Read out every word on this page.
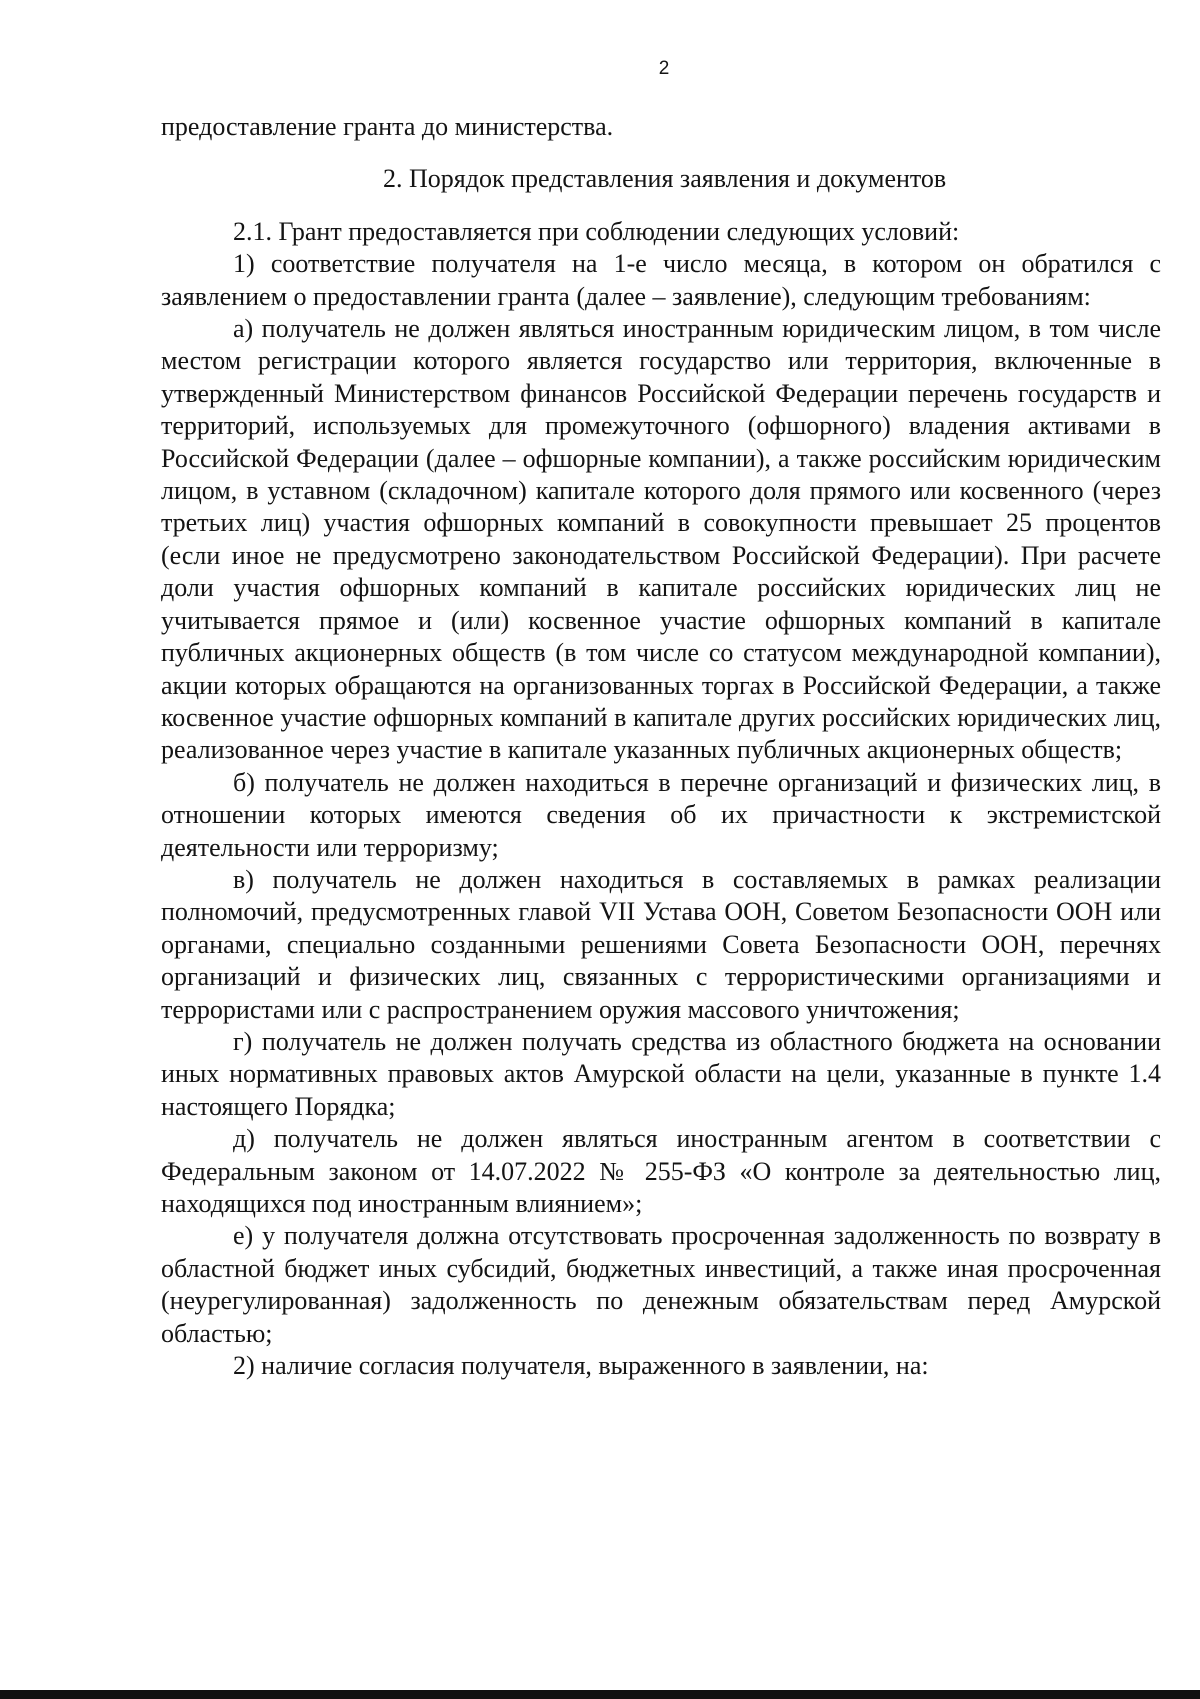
2

предоставление гранта до министерства.

2. Порядок представления заявления и документов

2.1. Грант предоставляется при соблюдении следующих условий:

1) соответствие получателя на 1-е число месяца, в котором он обратился с заявлением о предоставлении гранта (далее – заявление), следующим требованиям:

а) получатель не должен являться иностранным юридическим лицом, в том числе местом регистрации которого является государство или территория, включенные в утвержденный Министерством финансов Российской Федерации перечень государств и территорий, используемых для промежуточного (офшорного) владения активами в Российской Федерации (далее – офшорные компании), а также российским юридическим лицом, в уставном (складочном) капитале которого доля прямого или косвенного (через третьих лиц) участия офшорных компаний в совокупности превышает 25 процентов (если иное не предусмотрено законодательством Российской Федерации). При расчете доли участия офшорных компаний в капитале российских юридических лиц не учитывается прямое и (или) косвенное участие офшорных компаний в капитале публичных акционерных обществ (в том числе со статусом международной компании), акции которых обращаются на организованных торгах в Российской Федерации, а также косвенное участие офшорных компаний в капитале других российских юридических лиц, реализованное через участие в капитале указанных публичных акционерных обществ;

б) получатель не должен находиться в перечне организаций и физических лиц, в отношении которых имеются сведения об их причастности к экстремистской деятельности или терроризму;

в) получатель не должен находиться в составляемых в рамках реализации полномочий, предусмотренных главой VII Устава ООН, Советом Безопасности ООН или органами, специально созданными решениями Совета Безопасности ООН, перечнях организаций и физических лиц, связанных с террористическими организациями и террористами или с распространением оружия массового уничтожения;

г) получатель не должен получать средства из областного бюджета на основании иных нормативных правовых актов Амурской области на цели, указанные в пункте 1.4 настоящего Порядка;

д) получатель не должен являться иностранным агентом в соответствии с Федеральным законом от 14.07.2022 № 255-ФЗ «О контроле за деятельностью лиц, находящихся под иностранным влиянием»;

е) у получателя должна отсутствовать просроченная задолженность по возврату в областной бюджет иных субсидий, бюджетных инвестиций, а также иная просроченная (неурегулированная) задолженность по денежным обязательствам перед Амурской областью;

2) наличие согласия получателя, выраженного в заявлении, на:
